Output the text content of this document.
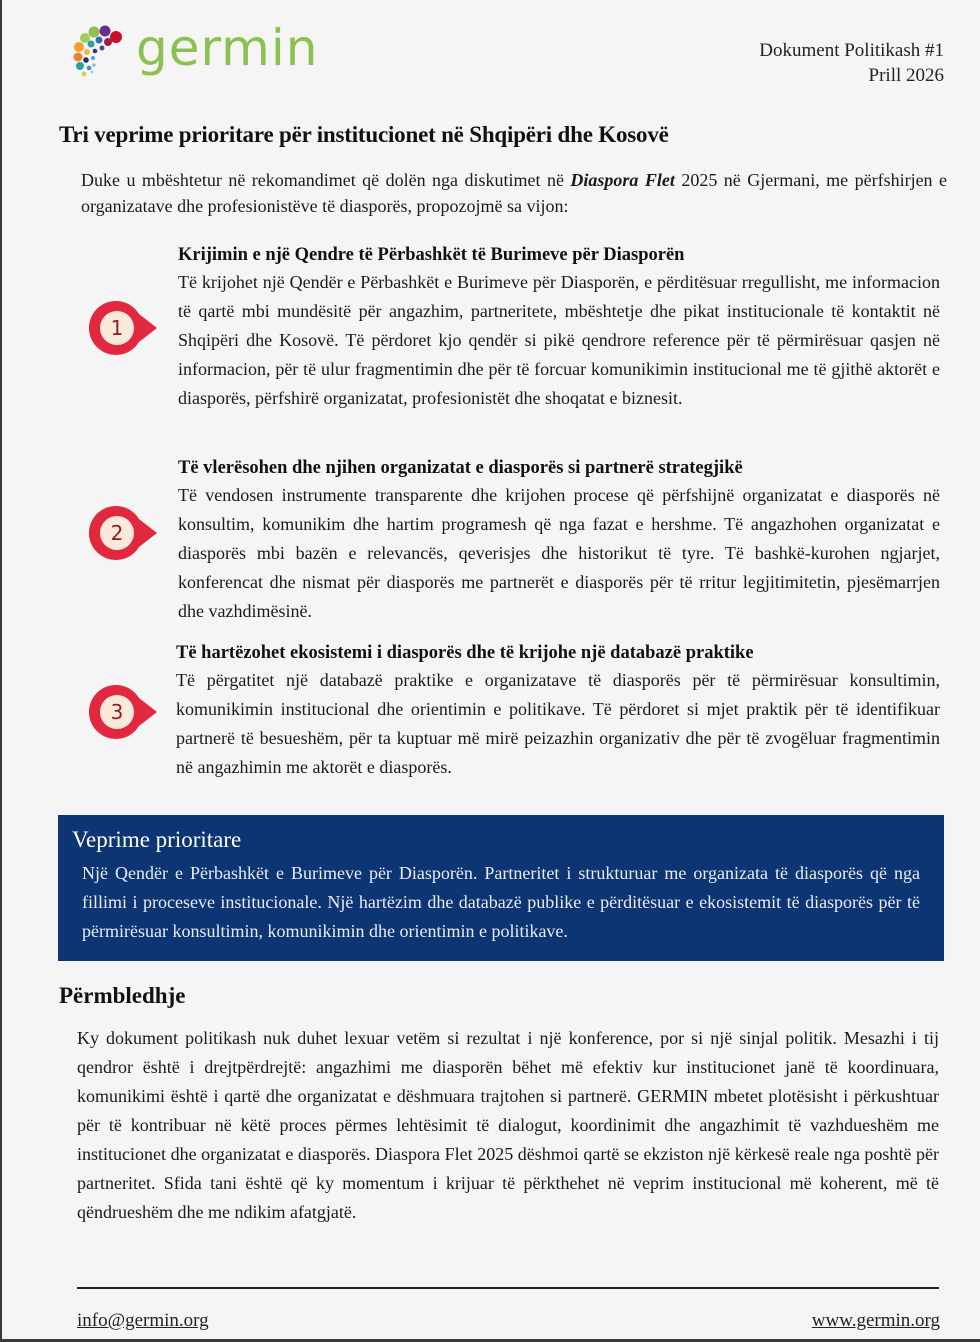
germin	Dokument Politikash #1
Prill 2026
Tri veprime prioritare për institucionet në Shqipëri dhe Kosovë

Duke u mbështetur në rekomandimet që dolën nga diskutimet në Diaspora Flet 2025 në Gjermani, me përfshirjen e organizatave dhe profesionistëve të diasporës, propozojmë sa vijon:

1
Krijimin e një Qendre të Përbashkët të Burimeve për Diasporën

Të krijohet një Qendër e Përbashkët e Burimeve për Diasporën, e përditësuar rregullisht, me informacion të qartë mbi mundësitë për angazhim, partneritete, mbështetje dhe pikat institucionale të kontaktit në Shqipëri dhe Kosovë. Të përdoret kjo qendër si pikë qendrore reference për të përmirësuar qasjen në informacion, për të ulur fragmentimin dhe për të forcuar komunikimin institucional me të gjithë aktorët e diasporës, përfshirë organizatat, profesionistët dhe shoqatat e biznesit.

2
Të vlerësohen dhe njihen organizatat e diasporës si partnerë strategjikë

Të vendosen instrumente transparente dhe krijohen procese që përfshijnë organizatat e diasporës në konsultim, komunikim dhe hartim programesh që nga fazat e hershme. Të angazhohen organizatat e diasporës mbi bazën e relevancës, qeverisjes dhe historikut të tyre. Të bashkë-kurohen ngjarjet, konferencat dhe nismat për diasporës me partnerët e diasporës për të rritur legjitimitetin, pjesëmarrjen dhe vazhdimësinë.

3
Të hartëzohet ekosistemi i diasporës dhe të krijohe një databazë praktike

Të përgatitet një databazë praktike e organizatave të diasporës për të përmirësuar konsultimin, komunikimin institucional dhe orientimin e politikave. Të përdoret si mjet praktik për të identifikuar partnerë të besueshëm, për ta kuptuar më mirë peizazhin organizativ dhe për të zvogëluar fragmentimin në angazhimin me aktorët e diasporës.

Veprime prioritare

Një Qendër e Përbashkët e Burimeve për Diasporën. Partneritet i strukturuar me organizata të diasporës që nga fillimi i proceseve institucionale. Një hartëzim dhe databazë publike e përditësuar e ekosistemit të diasporës për të përmirësuar konsultimin, komunikimin dhe orientimin e politikave.

Përmbledhje

Ky dokument politikash nuk duhet lexuar vetëm si rezultat i një konference, por si një sinjal politik. Mesazhi i tij qendror është i drejtpërdrejtë: angazhimi me diasporën bëhet më efektiv kur institucionet janë të koordinuara, komunikimi është i qartë dhe organizatat e dëshmuara trajtohen si partnerë. GERMIN mbetet plotësisht i përkushtuar për të kontribuar në këtë proces përmes lehtësimit të dialogut, koordinimit dhe angazhimit të vazhdueshëm me institucionet dhe organizatat e diasporës. Diaspora Flet 2025 dëshmoi qartë se ekziston një kërkesë reale nga poshtë për partneritet. Sfida tani është që ky momentum i krijuar të përkthehet në veprim institucional më koherent, më të qëndrueshëm dhe me ndikim afatgjatë.

info@germin.org	www.germin.org
